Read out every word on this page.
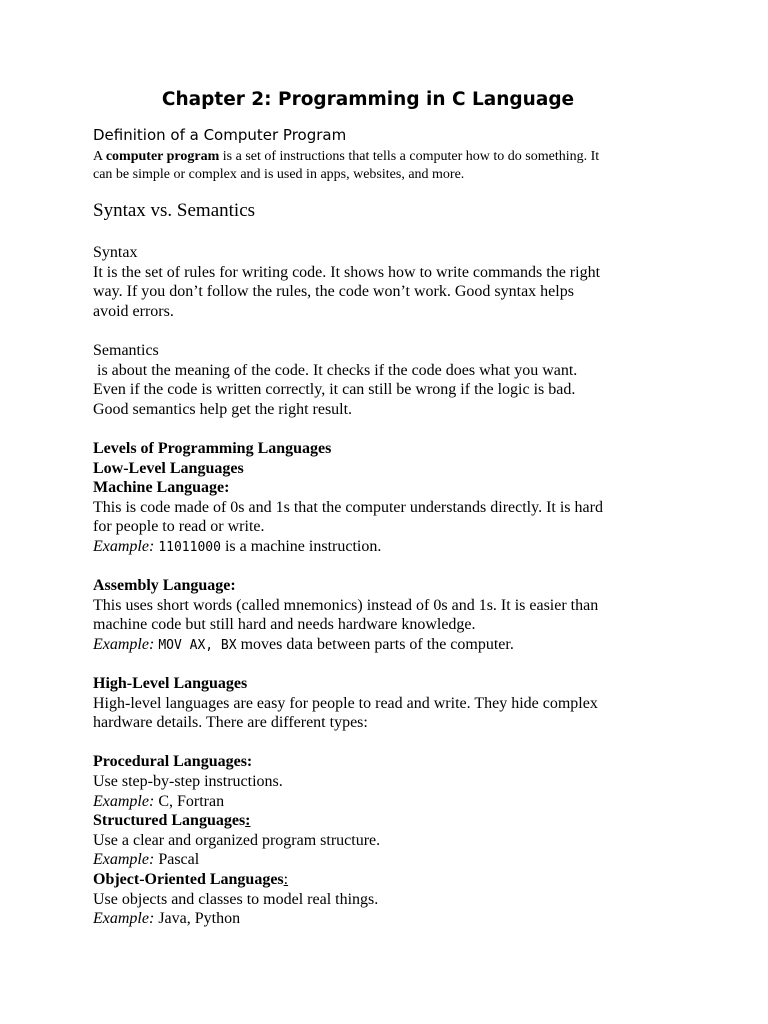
Chapter 2: Programming in C Language
Definition of a Computer Program

A computer program is a set of instructions that tells a computer how to do something. It
can be simple or complex and is used in apps, websites, and more.

Syntax vs. Semantics
Syntax
It is the set of rules for writing code. It shows how to write commands the right
way. If you don’t follow the rules, the code won’t work. Good syntax helps
avoid errors.
Semantics
is about the meaning of the code. It checks if the code does what you want.
Even if the code is written correctly, it can still be wrong if the logic is bad.
Good semantics help get the right result.
Levels of Programming Languages
Low-Level Languages
Machine Language:
This is code made of 0s and 1s that the computer understands directly. It is hard
for people to read or write.
Example: 11011000 is a machine instruction.
Assembly Language:
This uses short words (called mnemonics) instead of 0s and 1s. It is easier than
machine code but still hard and needs hardware knowledge.
Example: MOV AX, BX moves data between parts of the computer.
High-Level Languages
High-level languages are easy for people to read and write. They hide complex
hardware details. There are different types:
Procedural Languages:
Use step-by-step instructions.
Example: C, Fortran
Structured Languages:
Use a clear and organized program structure.
Example: Pascal
Object-Oriented Languages:
Use objects and classes to model real things.
Example: Java, Python
